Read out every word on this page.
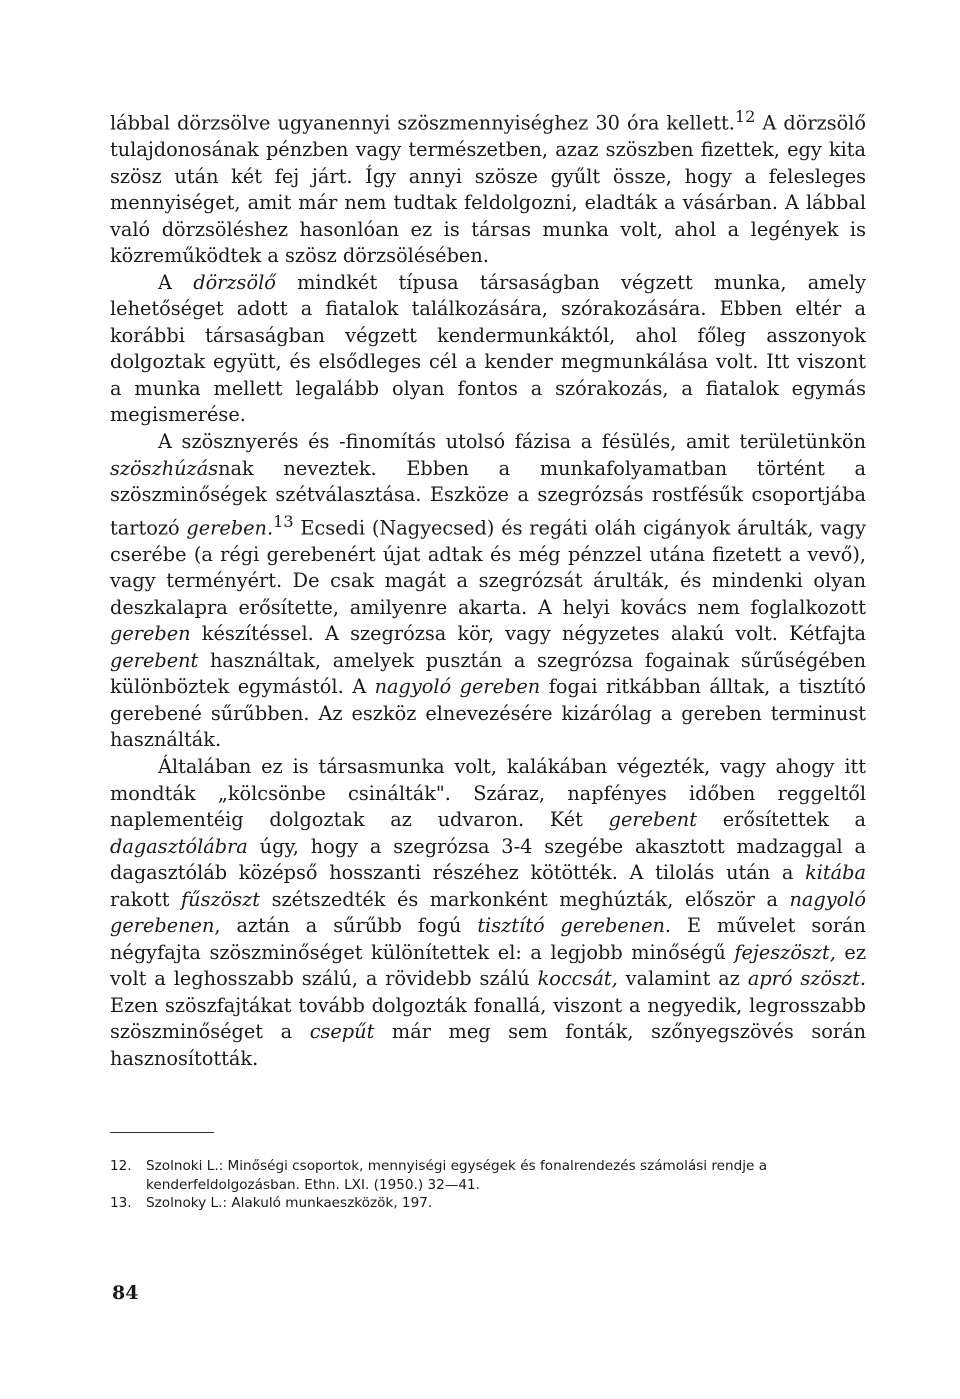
lábbal dörzsölve ugyanennyi szöszmennyiséghez 30 óra kellett.$^{12}$ A dörzsölő tulajdonosának pénzben vagy természetben, azaz szöszben fizettek, egy kita szösz után két fej járt. Így annyi szösze gyűlt össze, hogy a felesleges mennyiséget, amit már nem tudtak feldolgozni, eladták a vásárban. A lábbal való dörzsöléshez hasonlóan ez is társas munka volt, ahol a legények is közreműködtek a szösz dörzsölésében.

A dörzsölő mindkét típusa társaságban végzett munka, amely lehetőséget adott a fiatalok találkozására, szórakozására. Ebben eltér a korábbi társaságban végzett kendermunkáktól, ahol főleg asszonyok dolgoztak együtt, és elsődleges cél a kender megmunkálása volt. Itt viszont a munka mellett legalább olyan fontos a szórakozás, a fiatalok egymás megismerése.

A szösznyerés és -finomítás utolsó fázisa a fésülés, amit területünkön szöszhúzásnak neveztek. Ebben a munkafolyamatban történt a szöszminőségek szétválasztása. Eszköze a szegrózsás rostfésűk csoportjába tartozó gereben.$^{13}$ Ecsedi (Nagyecsed) és regáti oláh cigányok árulták, vagy cserébe (a régi gerebenért újat adtak és még pénzzel utána fizetett a vevő), vagy terményért. De csak magát a szegrózsát árulták, és mindenki olyan deszkalapra erősítette, amilyenre akarta. A helyi kovács nem foglalkozott gereben készítéssel. A szegrózsa kör, vagy négyzetes alakú volt. Kétfajta gerebent használtak, amelyek pusztán a szegrózsa fogainak sűrűségében különböztek egymástól. A nagyoló gereben fogai ritkábban álltak, a tisztító gerebené sűrűbben. Az eszköz elnevezésére kizárólag a gereben terminust használták.

Általában ez is társasmunka volt, kalákában végezték, vagy ahogy itt mondták „kölcsönbe csinálták". Száraz, napfényes időben reggeltől naplementéig dolgoztak az udvaron. Két gerebent erősítettek a dagasztólábra úgy, hogy a szegrózsa 3-4 szegébe akasztott madzaggal a dagasztóláb középső hosszanti részéhez kötötték. A tilolás után a kitába rakott fűszöszt szétszedték és markonként meghúzták, először a nagyoló gerebenen, aztán a sűrűbb fogú tisztító gerebenen. E művelet során négyfajta szöszminőséget különítettek el: a legjobb minőségű fejeszöszt, ez volt a leghosszabb szálú, a rövidebb szálú koccsát, valamint az apró szöszt. Ezen szöszfajtákat tovább dolgozták fonallá, viszont a negyedik, legrosszabb szöszminőséget a csepűt már meg sem fonták, szőnyegszövés során hasznosították.

12.	Szolnoki L.: Minőségi csoportok, mennyiségi egységek és fonalrendezés számolási rendje a kenderfeldolgozásban. Ethn. LXI. (1950.) 32—41.
13.	Szolnoky L.: Alakuló munkaeszközök, 197.
84
